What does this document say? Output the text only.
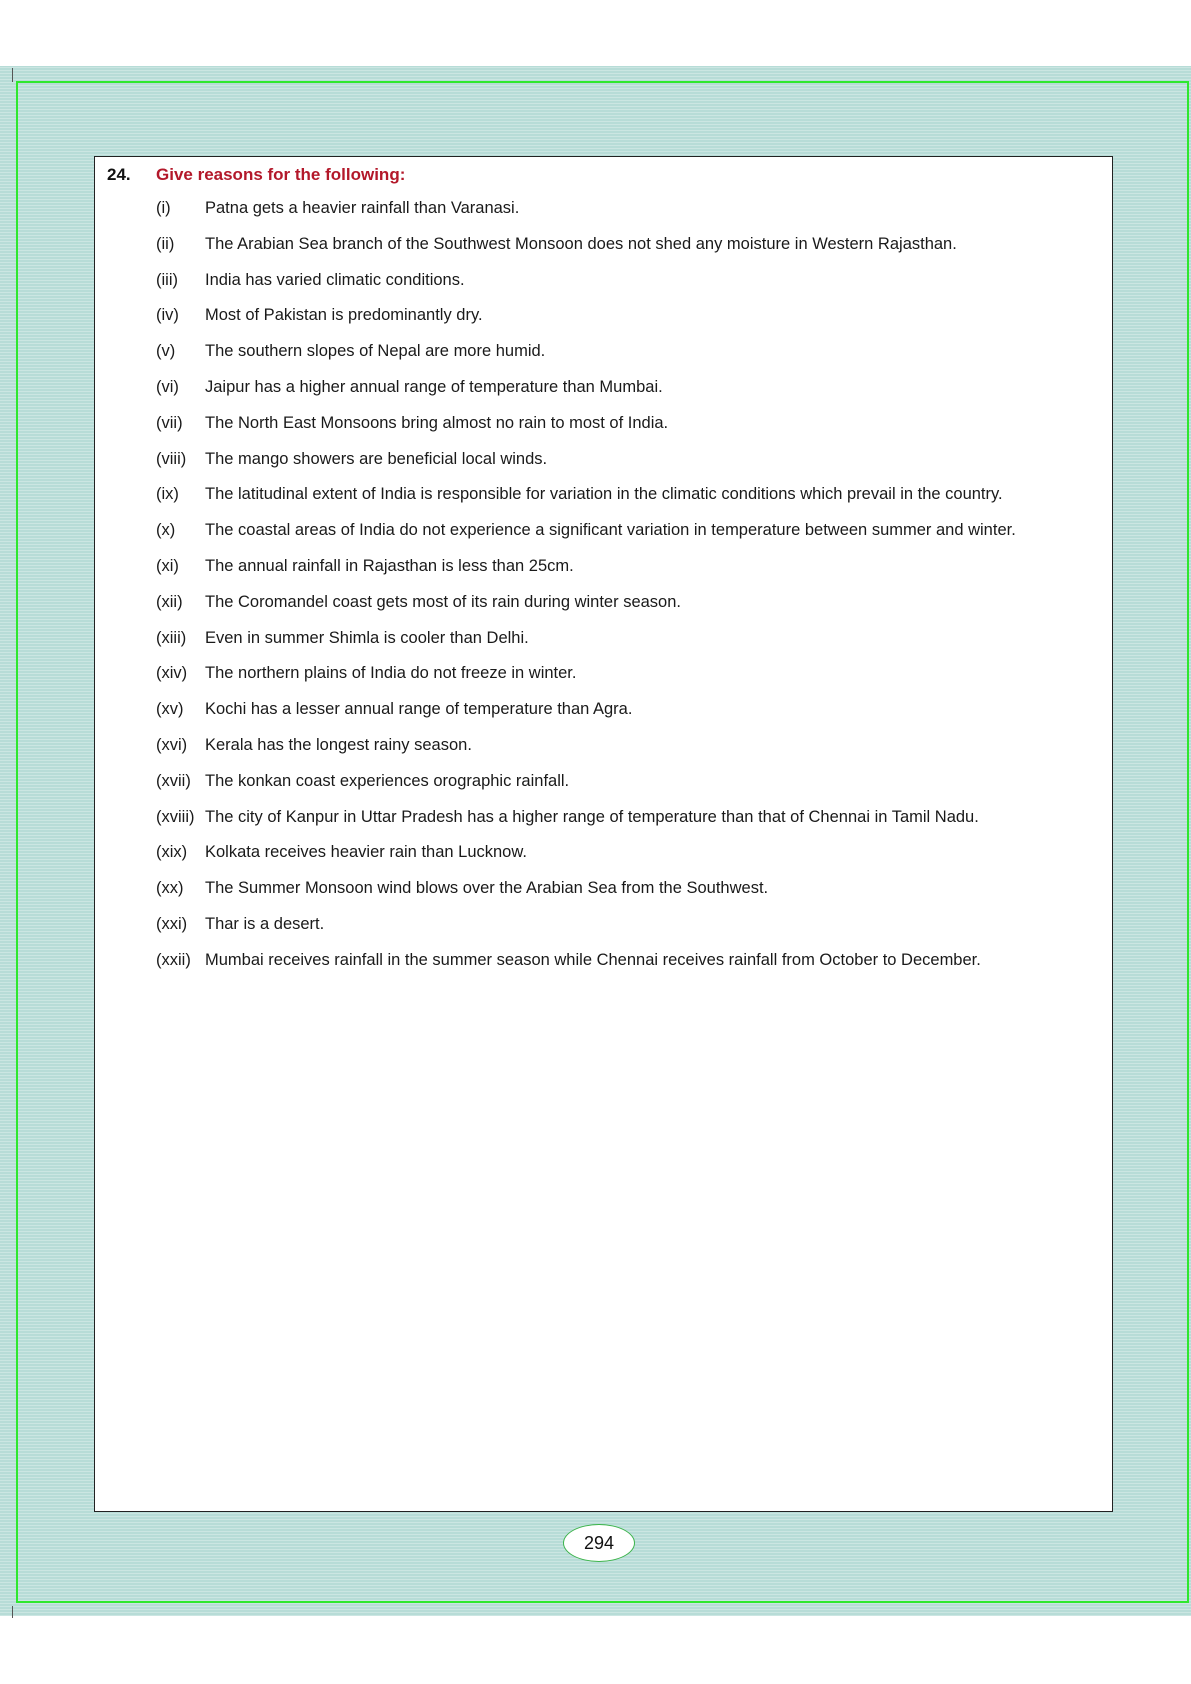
24. Give reasons for the following:
(i)	Patna gets a heavier rainfall than Varanasi.
(ii)	The Arabian Sea branch of the Southwest Monsoon does not shed any moisture in Western Rajasthan.
(iii)	India has varied climatic conditions.
(iv)	Most of Pakistan is predominantly dry.
(v)	The southern slopes of Nepal are more humid.
(vi)	Jaipur has a higher annual range of temperature than Mumbai.
(vii)	The North East Monsoons bring almost no rain to most of India.
(viii)	The mango showers are beneficial local winds.
(ix)	The latitudinal extent of India is responsible for variation in the climatic conditions which prevail in the country.
(x)	The coastal areas of India do not experience a significant variation in temperature between summer and winter.
(xi)	The annual rainfall in Rajasthan is less than 25cm.
(xii)	The Coromandel coast gets most of its rain during winter season.
(xiii)	Even in summer Shimla is cooler than Delhi.
(xiv)	The northern plains of India do not freeze in winter.
(xv)	Kochi has a lesser annual range of temperature than Agra.
(xvi)	Kerala has the longest rainy season.
(xvii) The konkan coast experiences orographic rainfall.
(xviii) The city of Kanpur in Uttar Pradesh has a higher range of temperature than that of Chennai in Tamil Nadu.
(xix)	Kolkata receives heavier rain than Lucknow.
(xx)	The Summer Monsoon wind blows over the Arabian Sea from the Southwest.
(xxi)	Thar is a desert.
(xxii) Mumbai receives rainfall in the summer season while Chennai receives rainfall from October to December.
294
